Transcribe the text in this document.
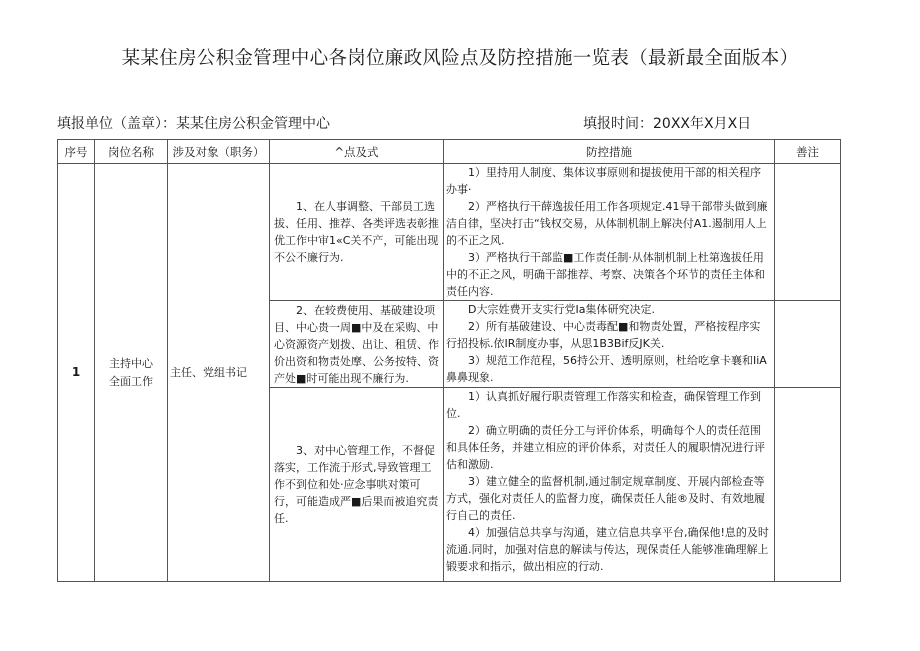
某某住房公积金管理中心各岗位廉政风险点及防控措施一览表（最新最全面版本）
填报单位（盖章）：某某住房公积金管理中心	填报时间：20XX年X月X日
序号	岗位名称	涉及对象（职务）	^点及式	防控措施	善注
1	主持中心全面工作	主任、党组书记	1、在人事调整、干部员工选拔、任用、推荐、各类评选表彰推优工作中审1«C关不产，可能出现不公不廉行为.	1）里持用人制度、集体议事原则和提拔使用干部的相关程序办事·

2）严格执行干薛逸拔任用工作各项规定.41导干部带头做到廉洁自律，坚决打击“钱权交易，从体制机制上解决付A1.遏制用人上的不正之风.

3）严格执行干部监■工作责任制·从体制机制上杜第逸拔任用中的不正之风，明确干部推荐、考察、决策各个环节的责任主体和责任内容.	

			2、在较费使用、基破建设项目、中心贵一周■中及在采购、中心资源资产划拨、出让、租赁、作价出资和物责处摩、公务按特、资产处■时可能出现不廉行为.	D大宗姓费开支实行党Ia集体研究决定.

2）所有基破建设、中心责毒配■和物责处置，严格按程序实行招投标.依IR制度办事，从思1B3Bif反JK关.

3）规范工作范程，56持公开、透明原则，杜给吃拿卡襄和IiA鼻鼻现象.	

			3、对中心管理工作，不督促落实，工作流于形式,导致管理工作不到位和处·应念事哄对策可行，可能造成严■后果而被追究责任.	1）认真抓好履行职责管理工作落实和检查，确保管理工作到位.

2）确立明确的责任分工与评价体系，明确每个人的责任范围和具体任务，并建立相应的评价体系，对责任人的履职情况进行评估和激励.

3）建立健全的监督机制,通过制定规章制度、开展内部检查等方式，强化对责任人的监督力度，确保责任人能®及时、有效地履行自己的责任.

4）加强信总共享与沟通，建立信息共享平台,确保他!息的及时流通.同时，加强对信息的解读与传达，现保责任人能够准确理解上锻要求和指示，做出相应的行动.	
